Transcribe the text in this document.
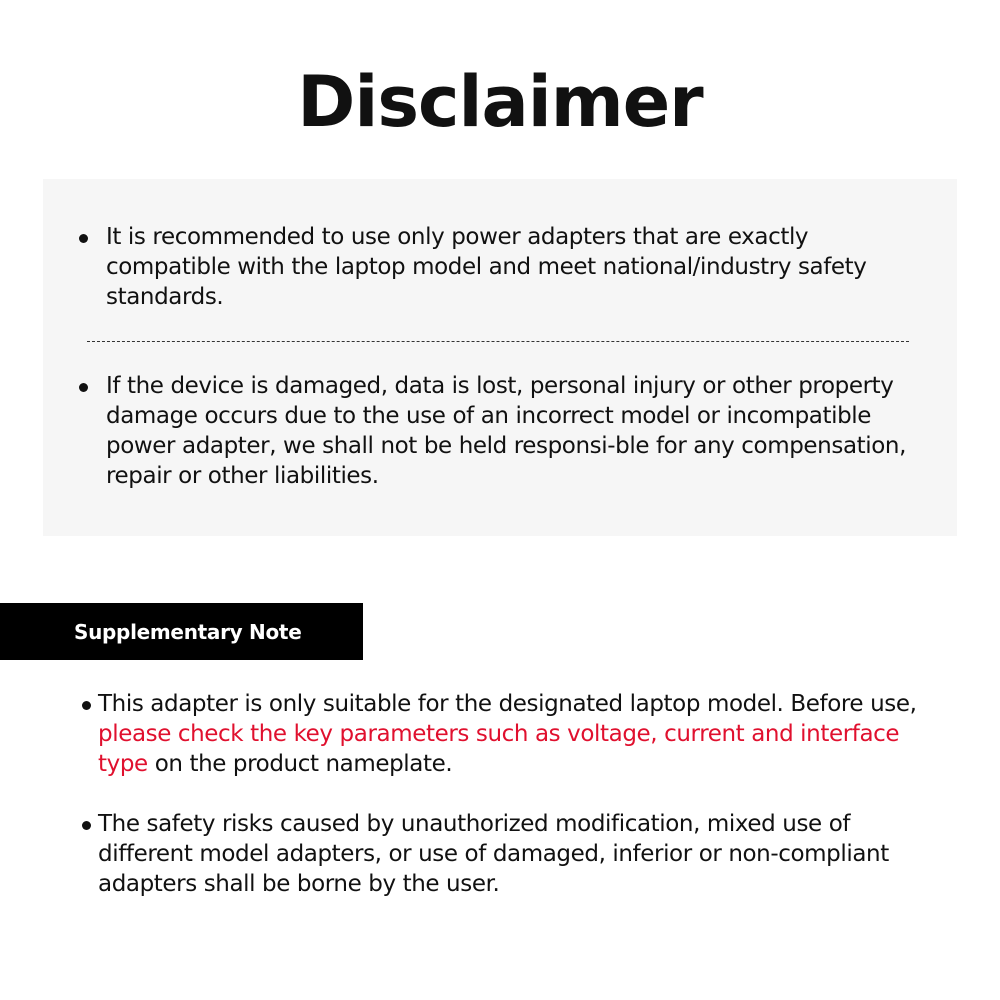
Disclaimer
It is recommended to use only power adapters that are exactly compatible with the laptop model and meet national/industry safety standards.
If the device is damaged, data is lost, personal injury or other property damage occurs due to the use of an incorrect model or incompatible power adapter, we shall not be held responsi-ble for any compensation, repair or other liabilities.
Supplementary Note
This adapter is only suitable for the designated laptop model. Before use, please check the key parameters such as voltage, current and interface type on the product nameplate.
The safety risks caused by unauthorized modification, mixed use of different model adapters, or use of damaged, inferior or non-compliant adapters shall be borne by the user.
